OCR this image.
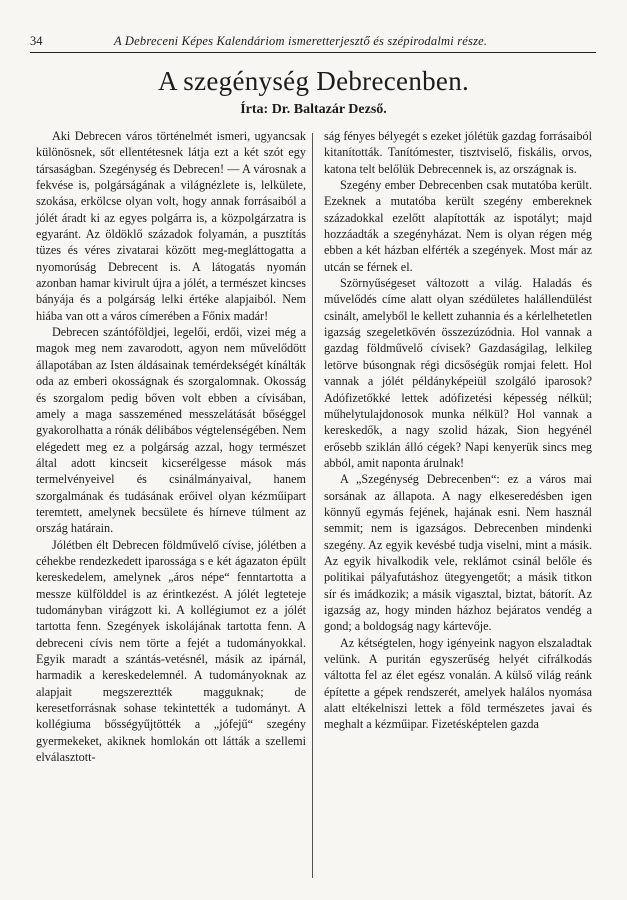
34	A Debreceni Képes Kalendáriom ismeretterjesztő és szépirodalmi része.
A szegénység Debrecenben.
Írta: Dr. Baltazár Dezső.

Aki Debrecen város történelmét ismeri, ugyancsak különösnek, sőt ellentétesnek látja ezt a két szót egy társaságban. Szegénység és Debrecen! — A városnak a fekvése is, polgárságának a világnézlete is, lelkülete, szokása, erkölcse olyan volt, hogy annak forrásaiból a jólét áradt ki az egyes polgárra is, a közpolgárzatra is egyaránt. Az öldöklő századok folyamán, a pusztítás tüzes és véres zivatarai között meg-megláttogatta a nyomorúság Debrecent is. A látogatás nyomán azonban hamar kivirult újra a jólét, a természet kincses bányája és a polgárság lelki értéke alapjaiból. Nem hiába van ott a város címerében a Főnix madár!

Debrecen szántóföldjei, legelői, erdői, vizei még a magok meg nem zavarodott, agyon nem művelődött állapotában az Isten áldásainak temérdekségét kínálták oda az emberi okosságnak és szorgalomnak. Okosság és szorgalom pedig bőven volt ebben a cívisában, amely a maga sasszeméned messzelátását bőséggel gyakorolhatta a rónák délibábos végtelenségében. Nem elégedett meg ez a polgárság azzal, hogy természet által adott kincseit kicserélgesse mások más termelvényeivel és csinálmányaival, hanem szorgalmának és tudásának erőivel olyan kézműipart teremtett, amelynek becsülete és hírneve túlment az ország határain.

Jólétben élt Debrecen földművelő cívise, jólétben a céhekbe rendezkedett iparossága s e két ágazaton épült kereskedelem, amelynek „áros népe“ fenntartotta a messze külfölddel is az érintkezést. A jólét legteteje tudományban virágzott ki. A kollégiumot ez a jólét tartotta fenn. Szegények iskolájának tartotta fenn. A debreceni cívis nem törte a fejét a tudományokkal. Egyik maradt a szántás-vetésnél, másik az ipárnál, harmadik a kereskedelemnél. A tudományoknak az alapjait megszereztték magguknak; de keresetforrásnak sohase tekintették a tudományt. A kollégiuma bősségyűjtötték a „jófejű“ szegény gyermekeket, akiknek homlokán ott látták a szellemi elválasztott-

ság fényes bélyegét s ezeket jólétük gazdag forrásaiból kitanították. Tanítómester, tisztviselő, fiskális, orvos, katona telt belőlük Debrecennek is, az országnak is.

Szegény ember Debrecenben csak mutatóba került. Ezeknek a mutatóba került szegény embereknek századokkal ezelőtt alapították az ispotályt; majd hozzáadták a szegényházat. Nem is olyan régen még ebben a két házban elférték a szegények. Most már az utcán se férnek el.

Szörnyűségeset változott a világ. Haladás és művelődés címe alatt olyan szédületes halállendülést csinált, amelyből le kellett zuhannia és a kérlelhetetlen igazság szegeletkövén összezúzódnia. Hol vannak a gazdag földművelő cívisek? Gazdaságilag, lelkileg letörve búsongnak régi dicsőségük romjai felett. Hol vannak a jólét példányképeiül szolgáló iparosok? Adófizetőkké lettek adófizetési képesség nélkül; műhelytulajdonosok munka nélkül? Hol vannak a kereskedők, a nagy szolid házak, Sion hegyénél erősebb sziklán álló cégek? Napi kenyerük sincs meg abból, amit naponta árulnak!

A „Szegénység Debrecenben“: ez a város mai sorsának az állapota. A nagy elkeseredésben igen könnyű egymás fejének, hajának esni. Nem használ semmit; nem is igazságos. Debrecenben mindenki szegény. Az egyik kevésbé tudja viselni, mint a másik. Az egyik hivalkodik vele, reklámot csinál belőle és politikai pályafutáshoz ütegyengetőt; a másik titkon sír és imádkozik; a másik vigasztal, biztat, bátorít. Az igazság az, hogy minden házhoz bejáratos vendég a gond; a boldogság nagy kártevője.

Az kétségtelen, hogy igényeink nagyon elszaladtak velünk. A puritán egyszerűség helyét cifrálkodás váltotta fel az élet egész vonalán. A külső világ reánk építette a gépek rendszerét, amelyek halálos nyomása alatt eltékelniszi lettek a föld természetes javai és meghalt a kézműipar. Fizetésképtelen gazda
